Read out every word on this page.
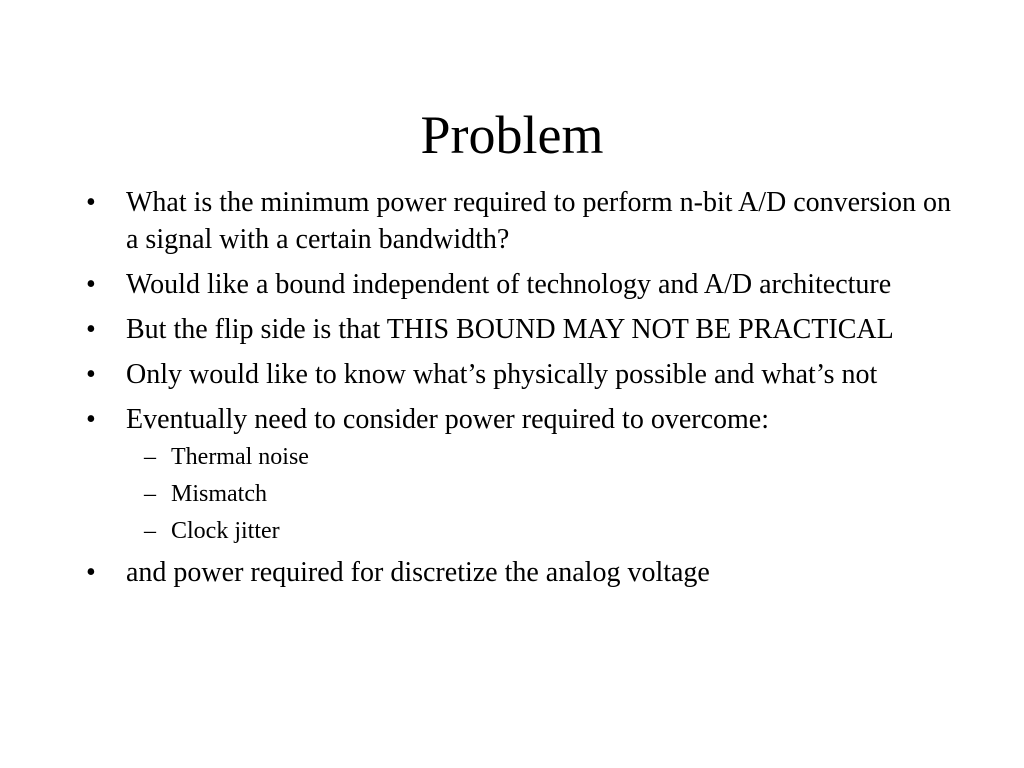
Problem
• What is the minimum power required to perform n-bit A/D conversion on a signal with a certain bandwidth?
• Would like a bound independent of technology and A/D architecture
• But the flip side is that THIS BOUND MAY NOT BE PRACTICAL
• Only would like to know what’s physically possible and what’s not
• Eventually need to consider power required to overcome:
– Thermal noise
– Mismatch
– Clock jitter
• and power required for discretize the analog voltage
